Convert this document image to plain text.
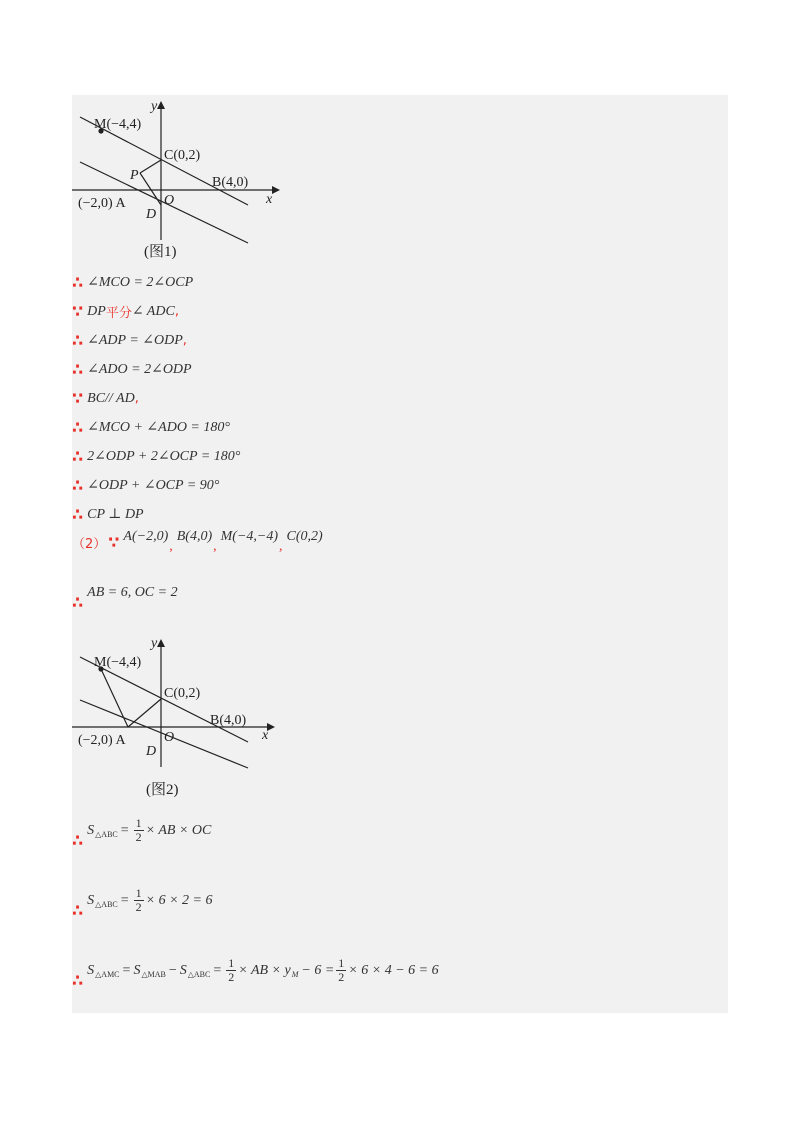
y
x
M(−4,4)
C(0,2)
B(4,0)
P
(−2,0) A	O
D
(图1)
∴ ∠MCO = 2∠OCP
∵ DP 平分 ∠ ADC ,
∴ ∠ADP = ∠ODP ,
∴ ∠ADO = 2∠ODP
∵ BC// AD ,
∴ ∠MCO + ∠ADO = 180°
∴ 2∠ODP + 2∠OCP = 180°
∴ ∠ODP + ∠OCP = 90°
∴ CP ⊥ DP
（2） ∵ A(−2,0)
,
B(4,0)
,
M(−4,−4)
,
C(0,2)
∴
AB = 6, OC = 2
y
x
M(−4,4)
C(0,2)
B(4,0)
(−2,0) A	O
D
(图2)
∴
S △ABC = $\frac{1}{2}$ × AB × OC
∴
S △ABC = $\frac{1}{2} \times 6 \times 2 = 6$
∴
S △AMC = S △MAB − S △ABC = $\frac{1}{2}$ × AB × y $M - 6 = \frac{1}{2} \times 6 \times 4 - 6 = 6$
